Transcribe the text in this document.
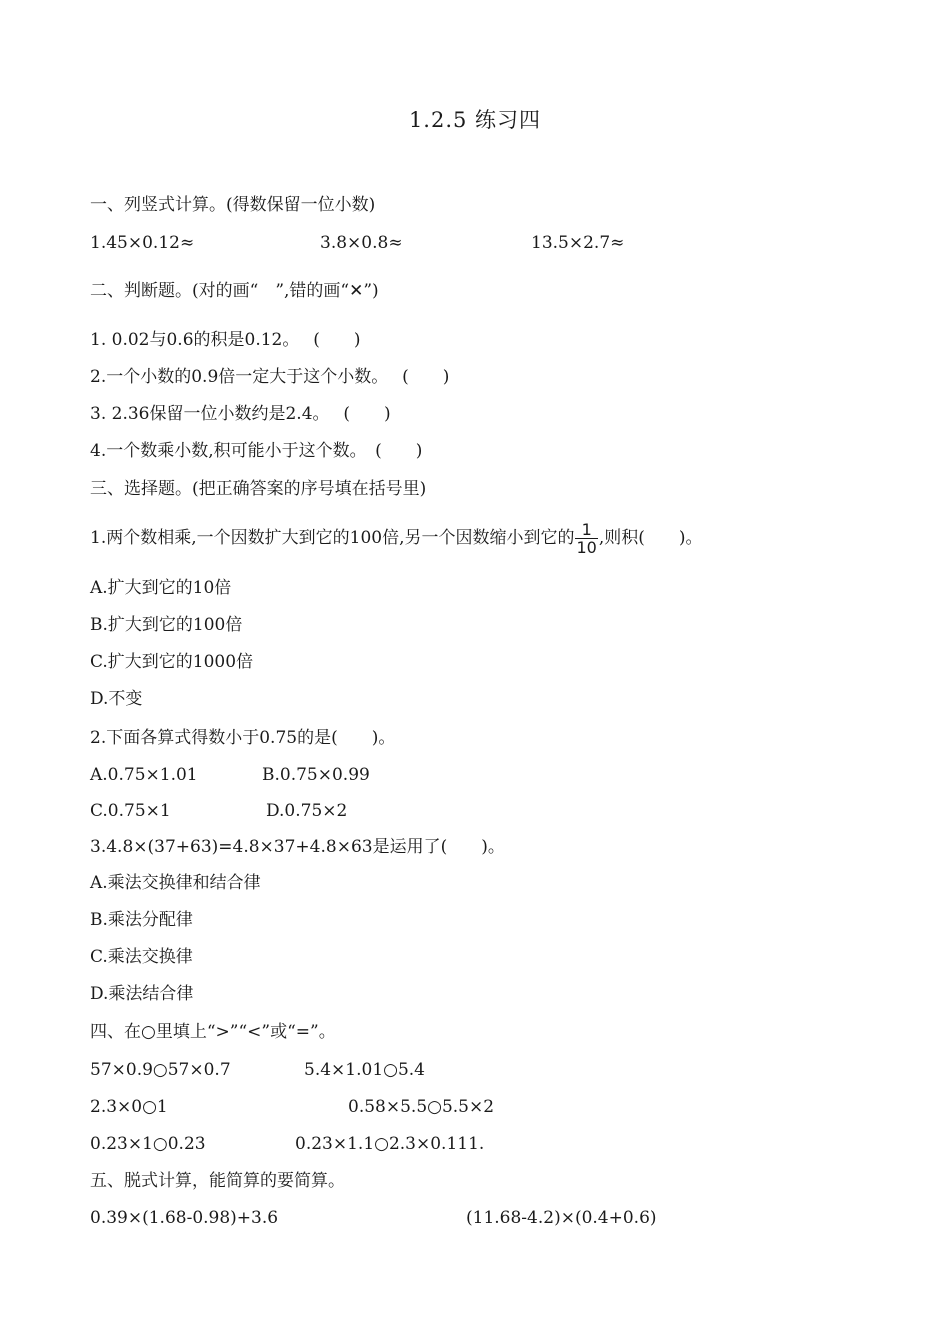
1.2.5 练习四
一、列竖式计算。(得数保留一位小数)
1.45×0.12≈	3.8×0.8≈	13.5×2.7≈
二、判断题。(对的画“　”,错的画“✕”)
1. 0.02与0.6的积是0.12。　 (　　)
2.一个小数的0.9倍一定大于这个小数。　 (　　)
3. 2.36保留一位小数约是2.4。　 (　　)
4.一个数乘小数,积可能小于这个数。　(　　)
三、选择题。(把正确答案的序号填在括号里)
1.两个数相乘,一个因数扩大到它的100倍,另一个因数缩小到它的 $\frac{1}{10}$ ,则积(　　)。
A.扩大到它的10倍
B.扩大到它的100倍
C.扩大到它的1000倍
D.不变
2.下面各算式得数小于0.75的是(　　)。
A.0.75×1.01	B.0.75×0.99
C.0.75×1	D.0.75×2
3.4.8×(37+63)=4.8×37+4.8×63是运用了(　　)。
A.乘法交换律和结合律
B.乘法分配律
C.乘法交换律
D.乘法结合律
四、在○里填上“>”“<”或“=”。
57×0.9○57×0.7	5.4×1.01○5.4
2.3×0○1	0.58×5.5○5.5×2
0.23×1○0.23	0.23×1.1○2.3×0.111.
五、脱式计算，能简算的要简算。
0.39×(1.68-0.98)+3.6	(11.68-4.2)×(0.4+0.6)
